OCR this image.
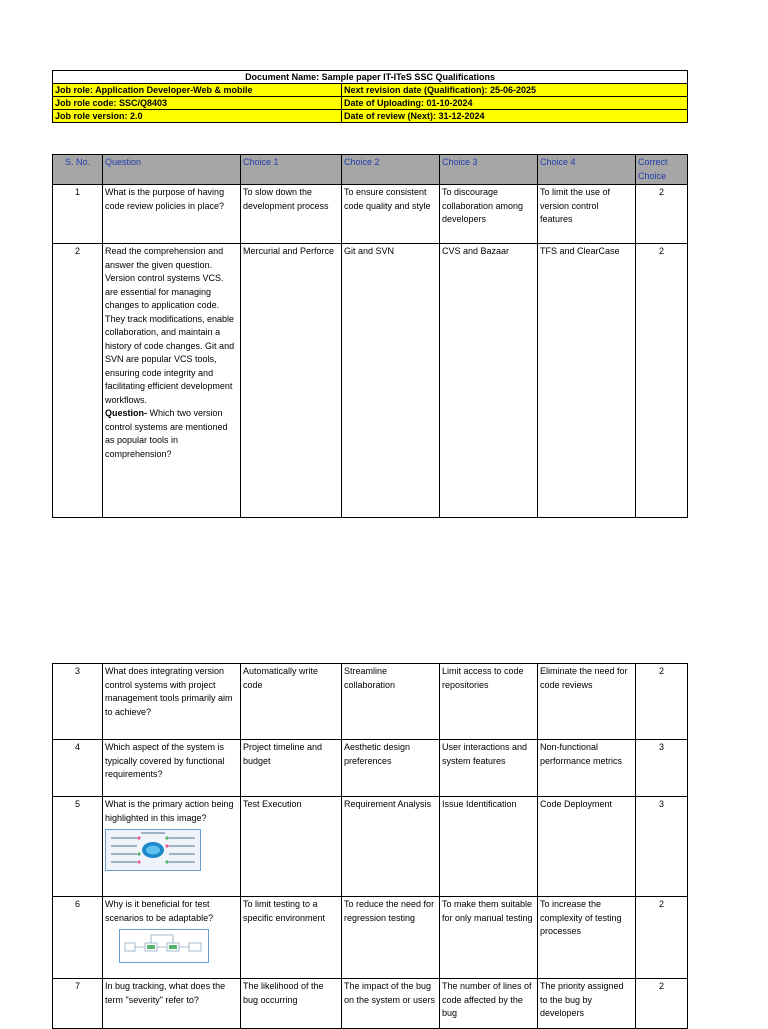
Document Name: Sample paper IT-ITeS SSC Qualifications	
Job role: Application Developer-Web & mobile	Next revision date (Qualification): 25-06-2025
Job role code: SSC/Q8403	Date of Uploading: 01-10-2024
Job role version: 2.0	Date of review (Next): 31-12-2024
S. No.	Question	Choice 1	Choice 2	Choice 3	Choice 4	Correct Choice
1	What is the purpose of having code review policies in place?	To slow down the development process	To ensure consistent code quality and style	To discourage collaboration among developers	To limit the use of version control features	2
2	Read the comprehension and answer the given question. Version control systems VCS. are essential for managing changes to application code. They track modifications, enable collaboration, and maintain a history of code changes. Git and SVN are popular VCS tools, ensuring code integrity and facilitating efficient development workflows.
Question- Which two version control systems are mentioned as popular tools in comprehension?	Mercurial and Perforce	Git and SVN	CVS and Bazaar	TFS and ClearCase	2
3	What does integrating version control systems with project management tools primarily aim to achieve?	Automatically write code	Streamline collaboration	Limit access to code repositories	Eliminate the need for code reviews	2
4	Which aspect of the system is typically covered by functional requirements?	Project timeline and budget	Aesthetic design preferences	User interactions and system features	Non-functional performance metrics	3
5	What is the primary action being highlighted in this image?	Test Execution	Requirement Analysis	Issue Identification	Code Deployment	3
6	Why is it beneficial for test scenarios to be adaptable?	To limit testing to a specific environment	To reduce the need for regression testing	To make them suitable for only manual testing	To increase the complexity of testing processes	2
7	In bug tracking, what does the term "severity" refer to?	The likelihood of the bug occurring	The impact of the bug on the system or users	The number of lines of code affected by the bug	The priority assigned to the bug by developers	2
